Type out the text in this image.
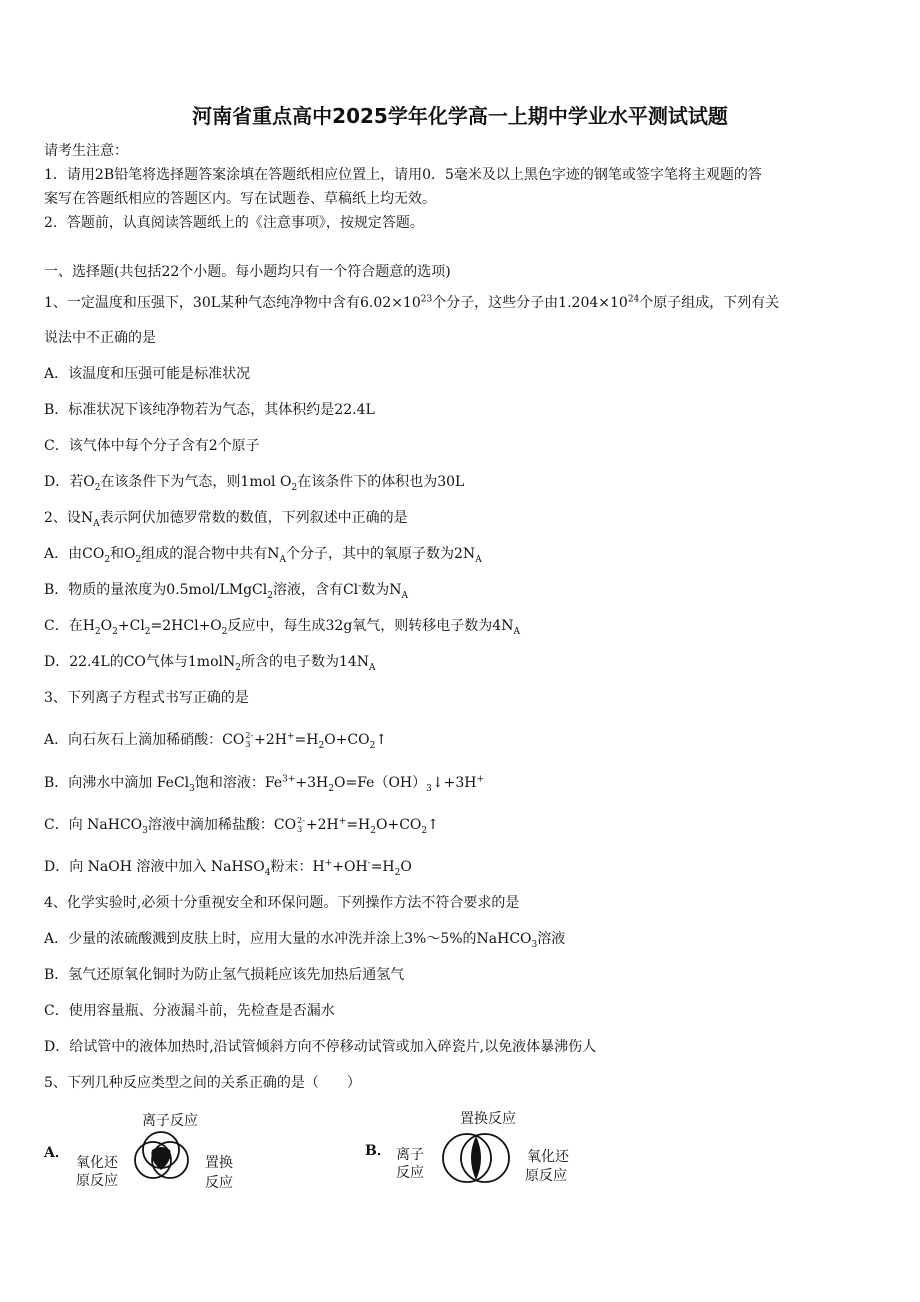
河南省重点高中2025学年化学高一上期中学业水平测试试题
请考生注意：
1．请用2B铅笔将选择题答案涂填在答题纸相应位置上，请用0．5毫米及以上黑色字迹的钢笔或签字笔将主观题的答
案写在答题纸相应的答题区内。写在试题卷、草稿纸上均无效。
2．答题前，认真阅读答题纸上的《注意事项》，按规定答题。
一、选择题(共包括22个小题。每小题均只有一个符合题意的选项)
1、一定温度和压强下，30L某种气态纯净物中含有$6.02\times 10^{23}$个分子，这些分子由$1.204\times 10^{24}$个原子组成，下列有关
说法中不正确的是
A．该温度和压强可能是标准状况
B．标准状况下该纯净物若为气态，其体积约是22.4L
C．该气体中每个分子含有2个原子
D．若$O_2$在该条件下为气态，则1mol $O_2$在该条件下的体积也为30L
2、设$N_A$表示阿伏加德罗常数的数值，下列叙述中正确的是
A．由$CO_2$和$O_2$组成的混合物中共有$N_A$个分子，其中的氧原子数为$2N_A$
B．物质的量浓度为0.5mol/LMgCl$_2$溶液，含有Cl-数为$N_A$
C．在$H_2O_2+Cl_2=2HCl+O_2$反应中，每生成32g氧气，则转移电子数为$4N_A$
D．22.4L的CO气体与1molN$_2$所含的电子数为$14N_A$
3、下列离子方程式书写正确的是
A．向石灰石上滴加稀硝酸：CO 2-
$3 +2H^+=H_2O+CO_2↑$
B．向沸水中滴加 FeCl$_3$饱和溶液：$Fe^{3+}+3H_2O=Fe(OH)_3↓+3H^+$
C．向 NaHCO$_3$溶液中滴加稀盐酸：CO 2-
$3 +2H^+=H_2O+CO_2↑$
D．向 NaOH 溶液中加入 NaHSO$_4$粉末：$H^++OH^-=H_2O$
4、化学实验时,必须十分重视安全和环保问题。下列操作方法不符合要求的是
A．少量的浓硫酸溅到皮肤上时，应用大量的水冲洗并涂上3%～5%的NaHCO$_3$溶液
B．氢气还原氧化铜时为防止氢气损耗应该先加热后通氢气
C．使用容量瓶、分液漏斗前，先检查是否漏水
D．给试管中的液体加热时,沿试管倾斜方向不停移动试管或加入碎瓷片,以免液体暴沸伤人
5、下列几种反应类型之间的关系正确的是（　　）
A．
离子反应
氧化还
原反应
置换
反应
B．
置换反应
离子
反应
氧化还
原反应
